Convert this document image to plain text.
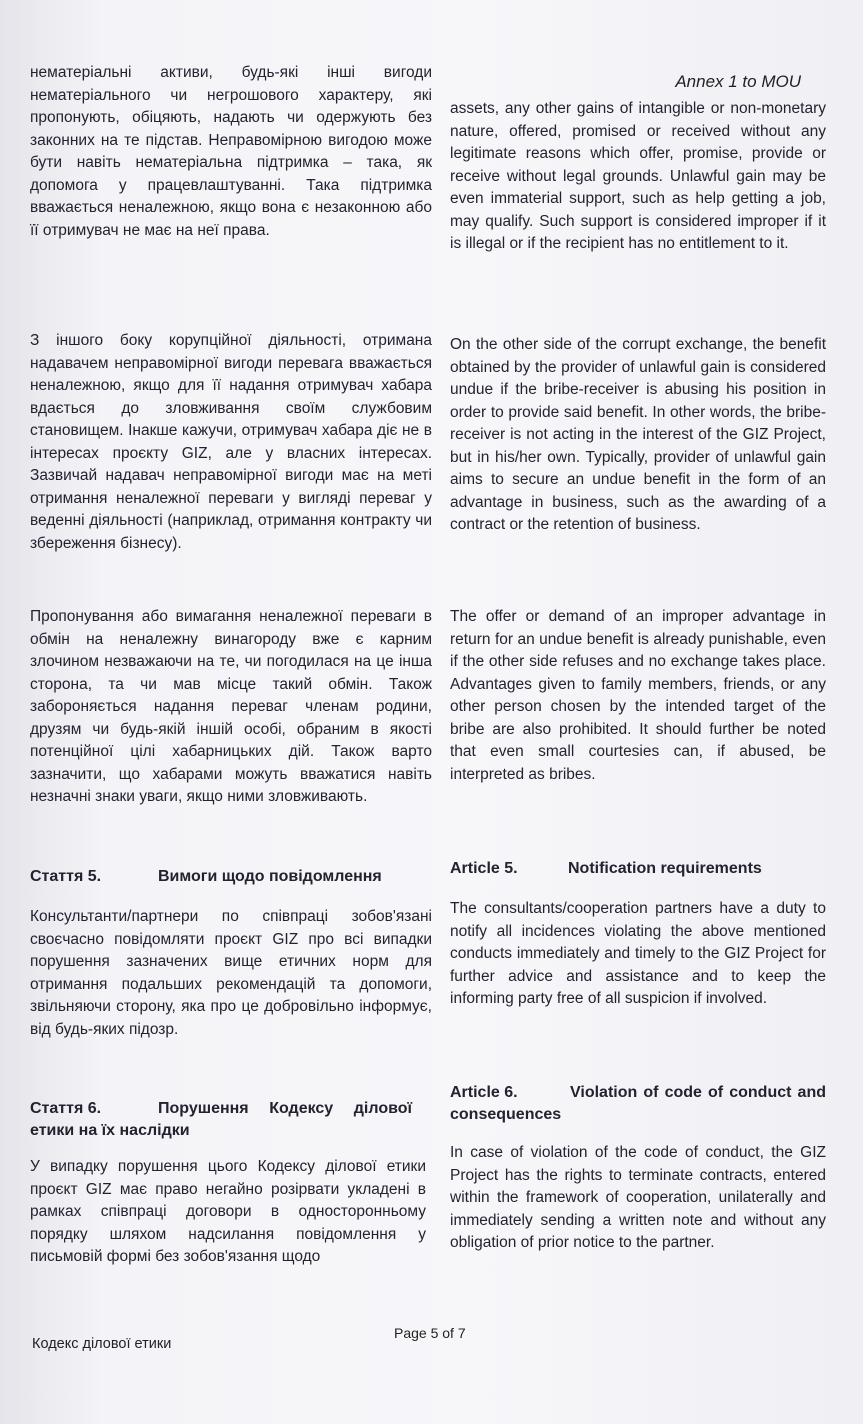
Annex 1 to MOU
нематеріальні активи, будь-які інші вигоди нематеріального чи негрошового характеру, які пропонують, обіцяють, надають чи одержують без законних на те підстав. Неправомірною вигодою може бути навіть нематеріальна підтримка – така, як допомога у працевлаштуванні. Така підтримка вважається неналежною, якщо вона є незаконною або її отримувач не має на неї права.
assets, any other gains of intangible or non-monetary nature, offered, promised or received without any legitimate reasons which offer, promise, provide or receive without legal grounds. Unlawful gain may be even immaterial support, such as help getting a job, may qualify. Such support is considered improper if it is illegal or if the recipient has no entitlement to it.
З іншого боку корупційної діяльності, отримана надавачем неправомірної вигоди перевага вважається неналежною, якщо для її надання отримувач хабара вдається до зловживання своїм службовим становищем. Інакше кажучи, отримувач хабара діє не в інтересах проєкту GIZ, але у власних інтересах. Зазвичай надавач неправомірної вигоди має на меті отримання неналежної переваги у вигляді переваг у веденні діяльності (наприклад, отримання контракту чи збереження бізнесу).
On the other side of the corrupt exchange, the benefit obtained by the provider of unlawful gain is considered undue if the bribe-receiver is abusing his position in order to provide said benefit. In other words, the bribe-receiver is not acting in the interest of the GIZ Project, but in his/her own. Typically, provider of unlawful gain aims to secure an undue benefit in the form of an advantage in business, such as the awarding of a contract or the retention of business.
Пропонування або вимагання неналежної переваги в обмін на неналежну винагороду вже є карним злочином незважаючи на те, чи погодилася на це інша сторона, та чи мав місце такий обмін. Також забороняється надання переваг членам родини, друзям чи будь-якій іншій особі, обраним в якості потенційної цілі хабарницьких дій. Також варто зазначити, що хабарами можуть вважатися навіть незначні знаки уваги, якщо ними зловживають.
The offer or demand of an improper advantage in return for an undue benefit is already punishable, even if the other side refuses and no exchange takes place. Advantages given to family members, friends, or any other person chosen by the intended target of the bribe are also prohibited. It should further be noted that even small courtesies can, if abused, be interpreted as bribes.
Стаття 5.	Вимоги щодо повідомлення	Article 5.	Notification requirements
Консультанти/партнери по співпраці зобов'язані своєчасно повідомляти проєкт GIZ про всі випадки порушення зазначених вище етичних норм для отримання подальших рекомендацій та допомоги, звільняючи сторону, яка про це добровільно інформує, від будь-яких підозр.
The consultants/cooperation partners have a duty to notify all incidences violating the above mentioned conducts immediately and timely to the GIZ Project for further advice and assistance and to keep the informing party free of all suspicion if involved.
Стаття 6.	Порушення Кодексу ділової етики на їх наслідки
Article 6.	Violation of code of conduct and consequences
У випадку порушення цього Кодексу ділової етики проєкт GIZ має право негайно розірвати укладені в рамках співпраці договори в односторонньому порядку шляхом надсилання повідомлення у письмовій формі без зобов'язання щодо
In case of violation of the code of conduct, the GIZ Project has the rights to terminate contracts, entered within the framework of cooperation, unilaterally and immediately sending a written note and without any obligation of prior notice to the partner.
Кодекс ділової етики
Page 5 of 7
